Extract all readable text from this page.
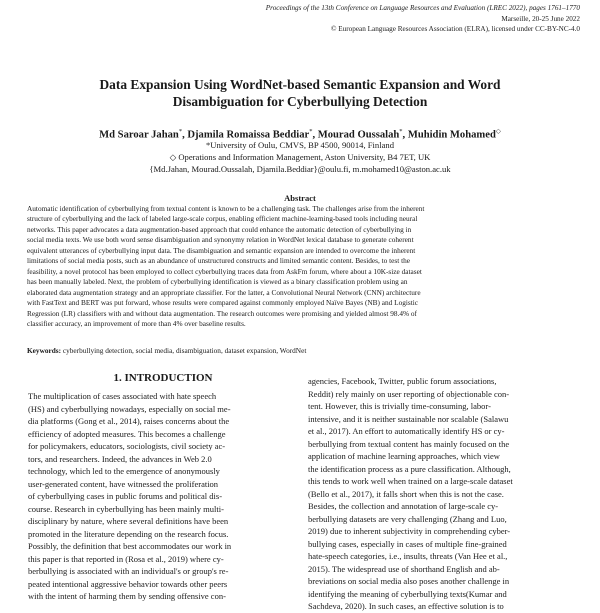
Proceedings of the 13th Conference on Language Resources and Evaluation (LREC 2022), pages 1761–1770
Marseille, 20-25 June 2022
© European Language Resources Association (ELRA), licensed under CC-BY-NC-4.0
Data Expansion Using WordNet-based Semantic Expansion and Word
Disambiguation for Cyberbullying Detection
Md Saroar Jahan*, Djamila Romaissa Beddiar*, Mourad Oussalah*, Muhidin Mohamed◇
*University of Oulu, CMVS, BP 4500, 90014, Finland
◇ Operations and Information Management, Aston University, B4 7ET, UK
{Md.Jahan, Mourad.Oussalah, Djamila.Beddiar}@oulu.fi, m.mohamed10@aston.ac.uk
Abstract
Automatic identification of cyberbullying from textual content is known to be a challenging task. The challenges arise from the inherent
structure of cyberbullying and the lack of labeled large-scale corpus, enabling efficient machine-learning-based tools including neural
networks. This paper advocates a data augmentation-based approach that could enhance the automatic detection of cyberbullying in
social media texts. We use both word sense disambiguation and synonymy relation in WordNet lexical database to generate coherent
equivalent utterances of cyberbullying input data. The disambiguation and semantic expansion are intended to overcome the inherent
limitations of social media posts, such as an abundance of unstructured constructs and limited semantic content. Besides, to test the
feasibility, a novel protocol has been employed to collect cyberbullying traces data from AskFm forum, where about a 10K-size dataset
has been manually labeled. Next, the problem of cyberbullying identification is viewed as a binary classification problem using an
elaborated data augmentation strategy and an appropriate classifier. For the latter, a Convolutional Neural Network (CNN) architecture
with FastText and BERT was put forward, whose results were compared against commonly employed Naïve Bayes (NB) and Logistic
Regression (LR) classifiers with and without data augmentation. The research outcomes were promising and yielded almost 98.4% of
classifier accuracy, an improvement of more than 4% over baseline results.
Keywords: cyberbullying detection, social media, disambiguation, dataset expansion, WordNet
1. INTRODUCTION
The multiplication of cases associated with hate speech
(HS) and cyberbullying nowadays, especially on social me-
dia platforms (Gong et al., 2014), raises concerns about the
efficiency of adopted measures. This becomes a challenge
for policymakers, educators, sociologists, civil society ac-
tors, and researchers. Indeed, the advances in Web 2.0
technology, which led to the emergence of anonymously
user-generated content, have witnessed the proliferation
of cyberbullying cases in public forums and political dis-
course. Research in cyberbullying has been mainly multi-
disciplinary by nature, where several definitions have been
promoted in the literature depending on the research focus.
Possibly, the definition that best accommodates our work in
this paper is that reported in (Rosa et al., 2019) where cy-
berbullying is associated with an individual's or group's re-
peated intentional aggressive behavior towards other peers
with the intent of harming them by sending offensive con-
agencies, Facebook, Twitter, public forum associations,
Reddit) rely mainly on user reporting of objectionable con-
tent. However, this is trivially time-consuming, labor-
intensive, and it is neither sustainable nor scalable (Salawu
et al., 2017). An effort to automatically identify HS or cy-
berbullying from textual content has mainly focused on the
application of machine learning approaches, which view
the identification process as a pure classification. Although,
this tends to work well when trained on a large-scale dataset
(Bello et al., 2017), it falls short when this is not the case.
Besides, the collection and annotation of large-scale cy-
berbullying datasets are very challenging (Zhang and Luo,
2019) due to inherent subjectivity in comprehending cyber-
bullying cases, especially in cases of multiple fine-grained
hate-speech categories, i.e., insults, threats (Van Hee et al.,
2015). The widespread use of shorthand English and ab-
breviations on social media also poses another challenge in
identifying the meaning of cyberbullying texts(Kumar and
Sachdeva, 2020). In such cases, an effective solution is to
